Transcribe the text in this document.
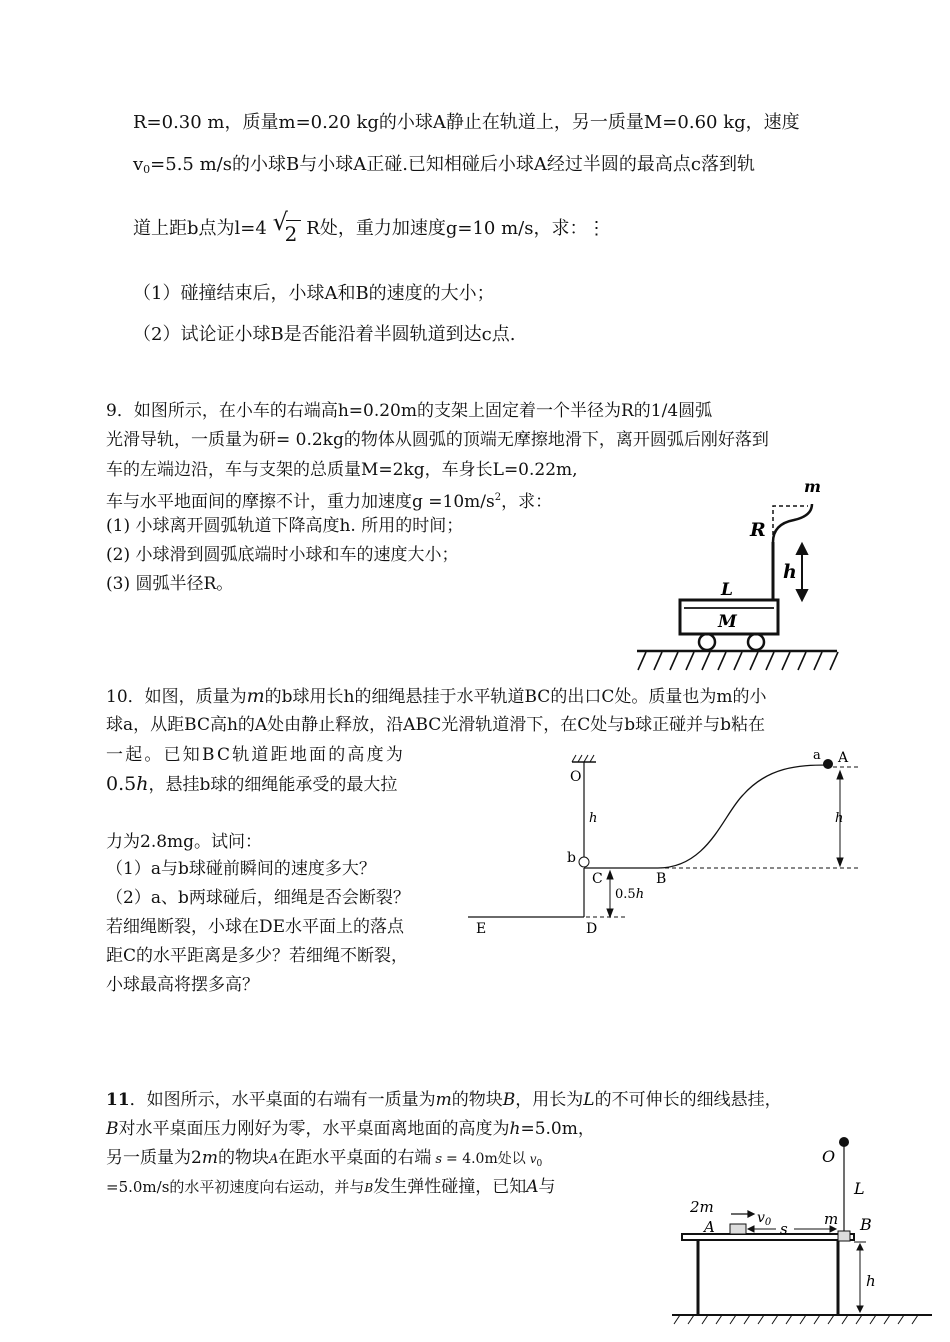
R=0.30 m，质量m=0.20 kg的小球A静止在轨道上，另一质量M=0.60 kg，速度
$v_0=5.5$ m/s的小球B与小球A正碰.已知相碰后小球A经过半圆的最高点c落到轨
道上距b点为l=4 √
2 R处，重力加速度g=10 m/s，求：⋮
（1）碰撞结束后，小球A和B的速度的大小；
（2）试论证小球B是否能沿着半圆轨道到达c点.
9．如图所示，在小车的右端高h=0.20m的支架上固定着一个半径为R的1/4圆弧
光滑导轨，一质量为研= 0.2kg的物体从圆弧的顶端无摩擦地滑下，离开圆弧后刚好落到
车的左端边沿，车与支架的总质量M=2kg，车身长L=0.22m,
车与水平地面间的摩擦不计，重力加速度$g =10m/s^2$，求：
(1) 小球离开圆弧轨道下降高度h. 所用的时间；
(2) 小球滑到圆弧底端时小球和车的速度大小；
(3) 圆弧半径R。
m
R
h
L
M
10．如图，质量为m的b球用长h的细绳悬挂于水平轨道BC的出口C处。质量也为m的小
球a，从距BC高h的A处由静止释放，沿ABC光滑轨道滑下，在C处与b球正碰并与b粘在
一起。已知BC轨道距地面的高度为
0.5h，悬挂b球的细绳能承受的最大拉
力为2.8mg。试问：
（1）a与b球碰前瞬间的速度多大？
（2）a、b两球碰后，细绳是否会断裂？
若细绳断裂，小球在DE水平面上的落点
距C的水平距离是多少？若细绳不断裂，
小球最高将摆多高？
O
h
b
C	B
0.5h
E	D
a A
h
11．如图所示，水平桌面的右端有一质量为m的物块B，用长为L的不可伸长的细线悬挂，
B对水平桌面压力刚好为零，水平桌面离地面的高度为h=5.0m，
另一质量为2m的物块A在距水平桌面的右端 s = 4.0m处以 $v_0$
=5.0m/s的水平初速度向右运动，并与B发生弹性碰撞，已知A与
O
L
2m
A	$v_0$ s
m B
h
